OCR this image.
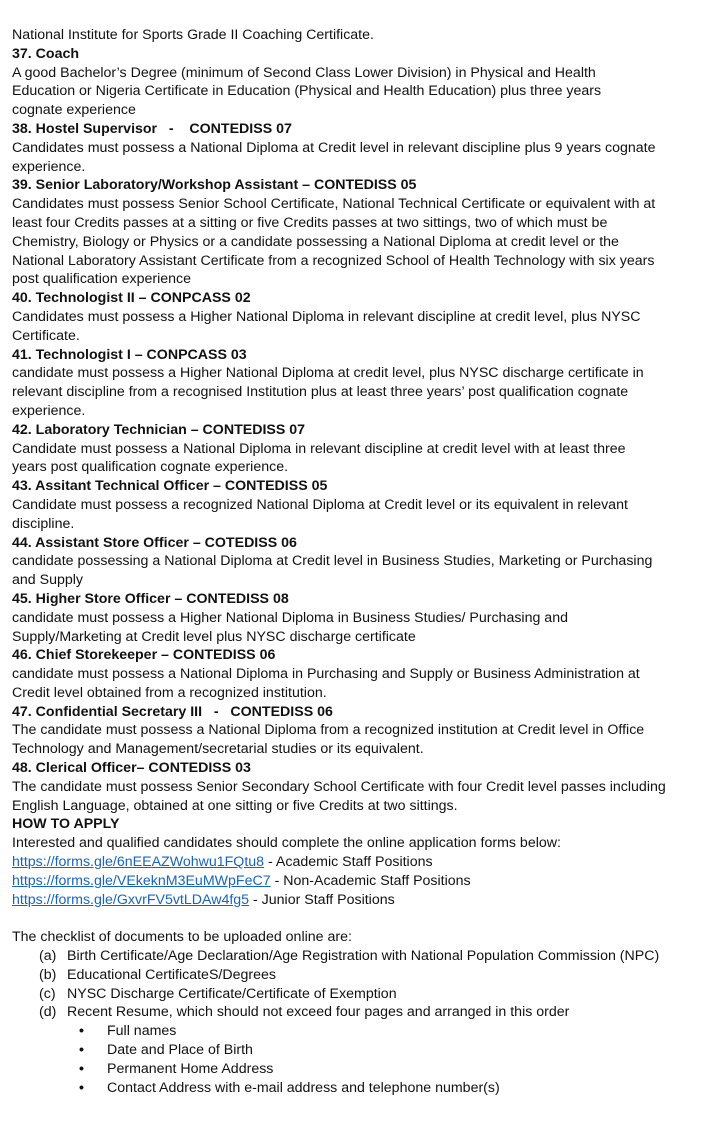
National Institute for Sports Grade II Coaching Certificate.
37. Coach
A good Bachelor’s Degree (minimum of Second Class Lower Division) in Physical and Health
Education or Nigeria Certificate in Education (Physical and Health Education) plus three years
cognate experience
38. Hostel Supervisor   -    CONTEDISS 07
Candidates must possess a National Diploma at Credit level in relevant discipline plus 9 years cognate
experience.
39. Senior Laboratory/Workshop Assistant – CONTEDISS 05
Candidates must possess Senior School Certificate, National Technical Certificate or equivalent with at
least four Credits passes at a sitting or five Credits passes at two sittings, two of which must be
Chemistry, Biology or Physics or a candidate possessing a National Diploma at credit level or the
National Laboratory Assistant Certificate from a recognized School of Health Technology with six years
post qualification experience
40. Technologist II – CONPCASS 02
Candidates must possess a Higher National Diploma in relevant discipline at credit level, plus NYSC
Certificate.
41. Technologist I – CONPCASS 03
candidate must possess a Higher National Diploma at credit level, plus NYSC discharge certificate in
relevant discipline from a recognised Institution plus at least three years’ post qualification cognate
experience.
42. Laboratory Technician – CONTEDISS 07
Candidate must possess a National Diploma in relevant discipline at credit level with at least three
years post qualification cognate experience.
43. Assitant Technical Officer – CONTEDISS 05
Candidate must possess a recognized National Diploma at Credit level or its equivalent in relevant
discipline.
44. Assistant Store Officer – COTEDISS 06
candidate possessing a National Diploma at Credit level in Business Studies, Marketing or Purchasing
and Supply
45. Higher Store Officer – CONTEDISS 08
candidate must possess a Higher National Diploma in Business Studies/ Purchasing and
Supply/Marketing at Credit level plus NYSC discharge certificate
46. Chief Storekeeper – CONTEDISS 06
candidate must possess a National Diploma in Purchasing and Supply or Business Administration at
Credit level obtained from a recognized institution.
47. Confidential Secretary III   -   CONTEDISS 06
The candidate must possess a National Diploma from a recognized institution at Credit level in Office
Technology and Management/secretarial studies or its equivalent.
48. Clerical Officer– CONTEDISS 03
The candidate must possess Senior Secondary School Certificate with four Credit level passes including
English Language, obtained at one sitting or five Credits at two sittings.
HOW TO APPLY
Interested and qualified candidates should complete the online application forms below:
https://forms.gle/6nEEAZWohwu1FQtu8 - Academic Staff Positions
https://forms.gle/VEkeknM3EuMWpFeC7 - Non-Academic Staff Positions
https://forms.gle/GxvrFV5vtLDAw4fg5 - Junior Staff Positions
The checklist of documents to be uploaded online are:
(a) Birth Certificate/Age Declaration/Age Registration with National Population Commission (NPC)
(b) Educational CertificateS/Degrees
(c) NYSC Discharge Certificate/Certificate of Exemption
(d) Recent Resume, which should not exceed four pages and arranged in this order
• Full names
• Date and Place of Birth
• Permanent Home Address
• Contact Address with e-mail address and telephone number(s)
